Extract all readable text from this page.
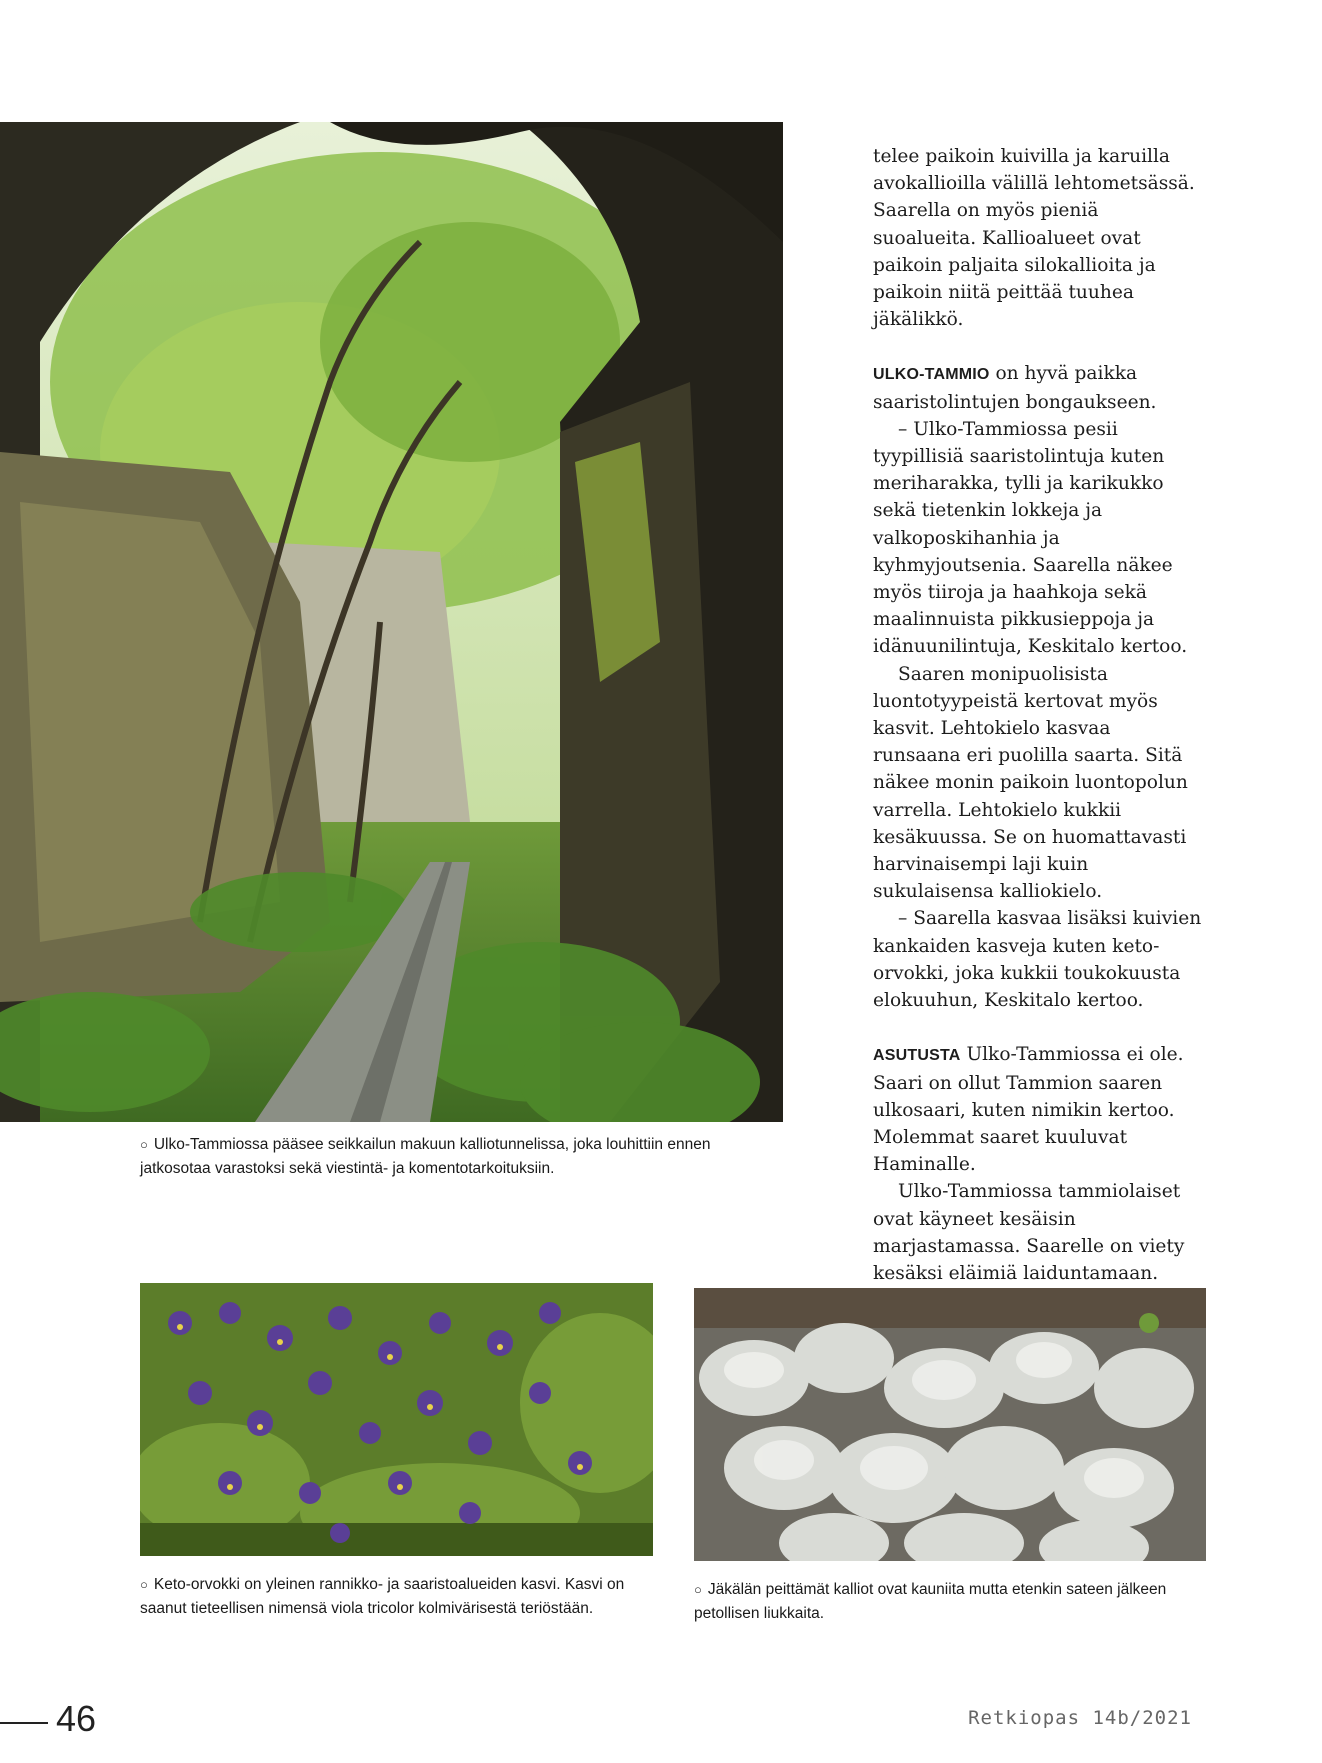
○ Ulko-Tammiossa pääsee seikkailun makuun kalliotunnelissa, joka louhittiin ennen jatkosotaa varastoksi sekä viestintä- ja komentotarkoituksiin.

telee paikoin kuivilla ja karuilla avokallioilla välillä lehtometsässä. Saarella on myös pieniä suoalueita. Kallioalueet ovat paikoin paljaita silokallioita ja paikoin niitä peittää tuuhea jäkälikkö.

ULKO-TAMMIO on hyvä paikka saaristolintujen bongaukseen.

– Ulko-Tammiossa pesii tyypillisiä saaristolintuja kuten meriharakka, tylli ja karikukko sekä tietenkin lokkeja ja valkoposkihanhia ja kyhmyjoutsenia. Saarella näkee myös tiiroja ja haahkoja sekä maalinnuista pikkusieppoja ja idänuunilintuja, Keskitalo kertoo.

Saaren monipuolisista luontotyypeistä kertovat myös kasvit. Lehtokielo kasvaa runsaana eri puolilla saarta. Sitä näkee monin paikoin luontopolun varrella. Lehtokielo kukkii kesäkuussa. Se on huomattavasti harvinaisempi laji kuin sukulaisensa kalliokielo.

– Saarella kasvaa lisäksi kuivien kankaiden kasveja kuten keto-orvokki, joka kukkii toukokuusta elokuuhun, Keskitalo kertoo.

ASUTUSTA Ulko-Tammiossa ei ole. Saari on ollut Tammion saaren ulkosaari, kuten nimikin kertoo. Molemmat saaret kuuluvat Haminalle.

Ulko-Tammiossa tammiolaiset ovat käyneet kesäisin marjastamassa. Saarelle on viety kesäksi eläimiä laiduntamaan.

○ Keto-orvokki on yleinen rannikko- ja saaristoalueiden kasvi. Kasvi on saanut tieteellisen nimensä viola tricolor kolmivärisestä teriöstään.
○ Jäkälän peittämät kalliot ovat kauniita mutta etenkin sateen jälkeen petollisen liukkaita.
46	Retkiopas 14b/2021
